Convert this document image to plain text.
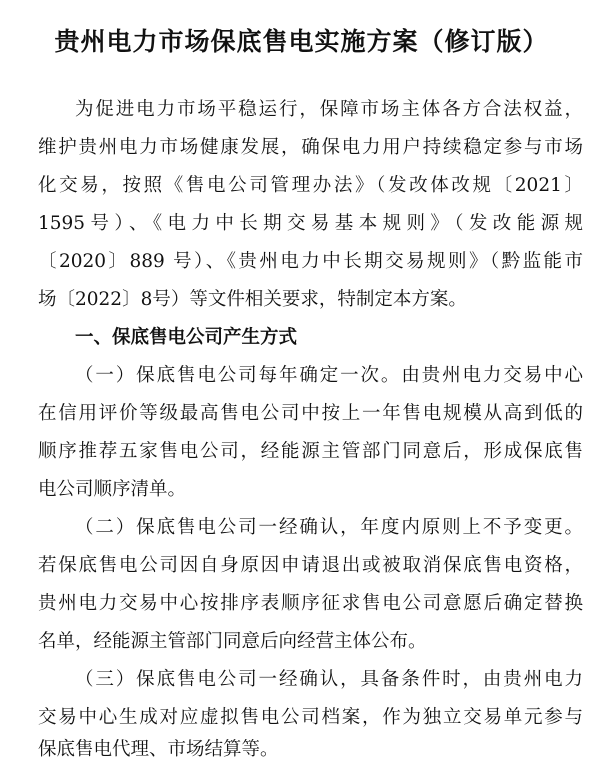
贵州电力市场保底售电实施方案（修订版）
为促进电力市场平稳运行，保障市场主体各方合法权益，
维护贵州电力市场健康发展，确保电力用户持续稳定参与市场
化交易，按照《售电公司管理办法》（发改体改规〔2021〕
1595号）、《电力中长期交易基本规则》（发改能源规
〔2020〕889 号）、《贵州电力中长期交易规则》（黔监能市
场〔2022〕8号）等文件相关要求，特制定本方案。
一、保底售电公司产生方式
（一）保底售电公司每年确定一次。由贵州电力交易中心
在信用评价等级最高售电公司中按上一年售电规模从高到低的
顺序推荐五家售电公司，经能源主管部门同意后，形成保底售
电公司顺序清单。
（二）保底售电公司一经确认，年度内原则上不予变更。
若保底售电公司因自身原因申请退出或被取消保底售电资格，
贵州电力交易中心按排序表顺序征求售电公司意愿后确定替换
名单，经能源主管部门同意后向经营主体公布。
（三）保底售电公司一经确认，具备条件时，由贵州电力
交易中心生成对应虚拟售电公司档案，作为独立交易单元参与
保底售电代理、市场结算等。
